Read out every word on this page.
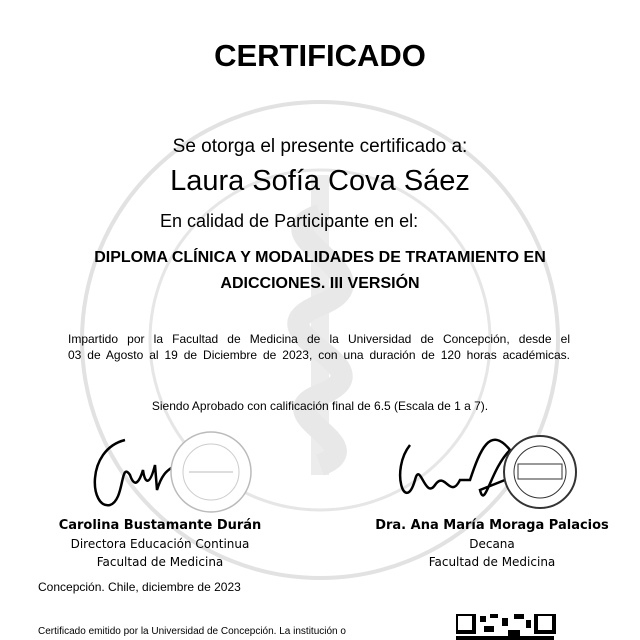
CERTIFICADO
Se otorga el presente certificado a:
Laura Sofía Cova Sáez
En calidad de Participante en el:
DIPLOMA CLÍNICA Y MODALIDADES DE TRATAMIENTO EN
ADICCIONES. III VERSIÓN
Impartido por la Facultad de Medicina de la Universidad de Concepción, desde el
03 de Agosto al 19 de Diciembre de 2023, con una duración de 120 horas académicas.
Siendo Aprobado con calificación final de 6.5 (Escala de 1 a 7).
Carolina Bustamante Durán
Directora Educación Continua
Facultad de Medicina
Dra. Ana María Moraga Palacios
Decana
Facultad de Medicina
Concepción. Chile, diciembre de 2023
Certificado emitido por la Universidad de Concepción. La institución o
